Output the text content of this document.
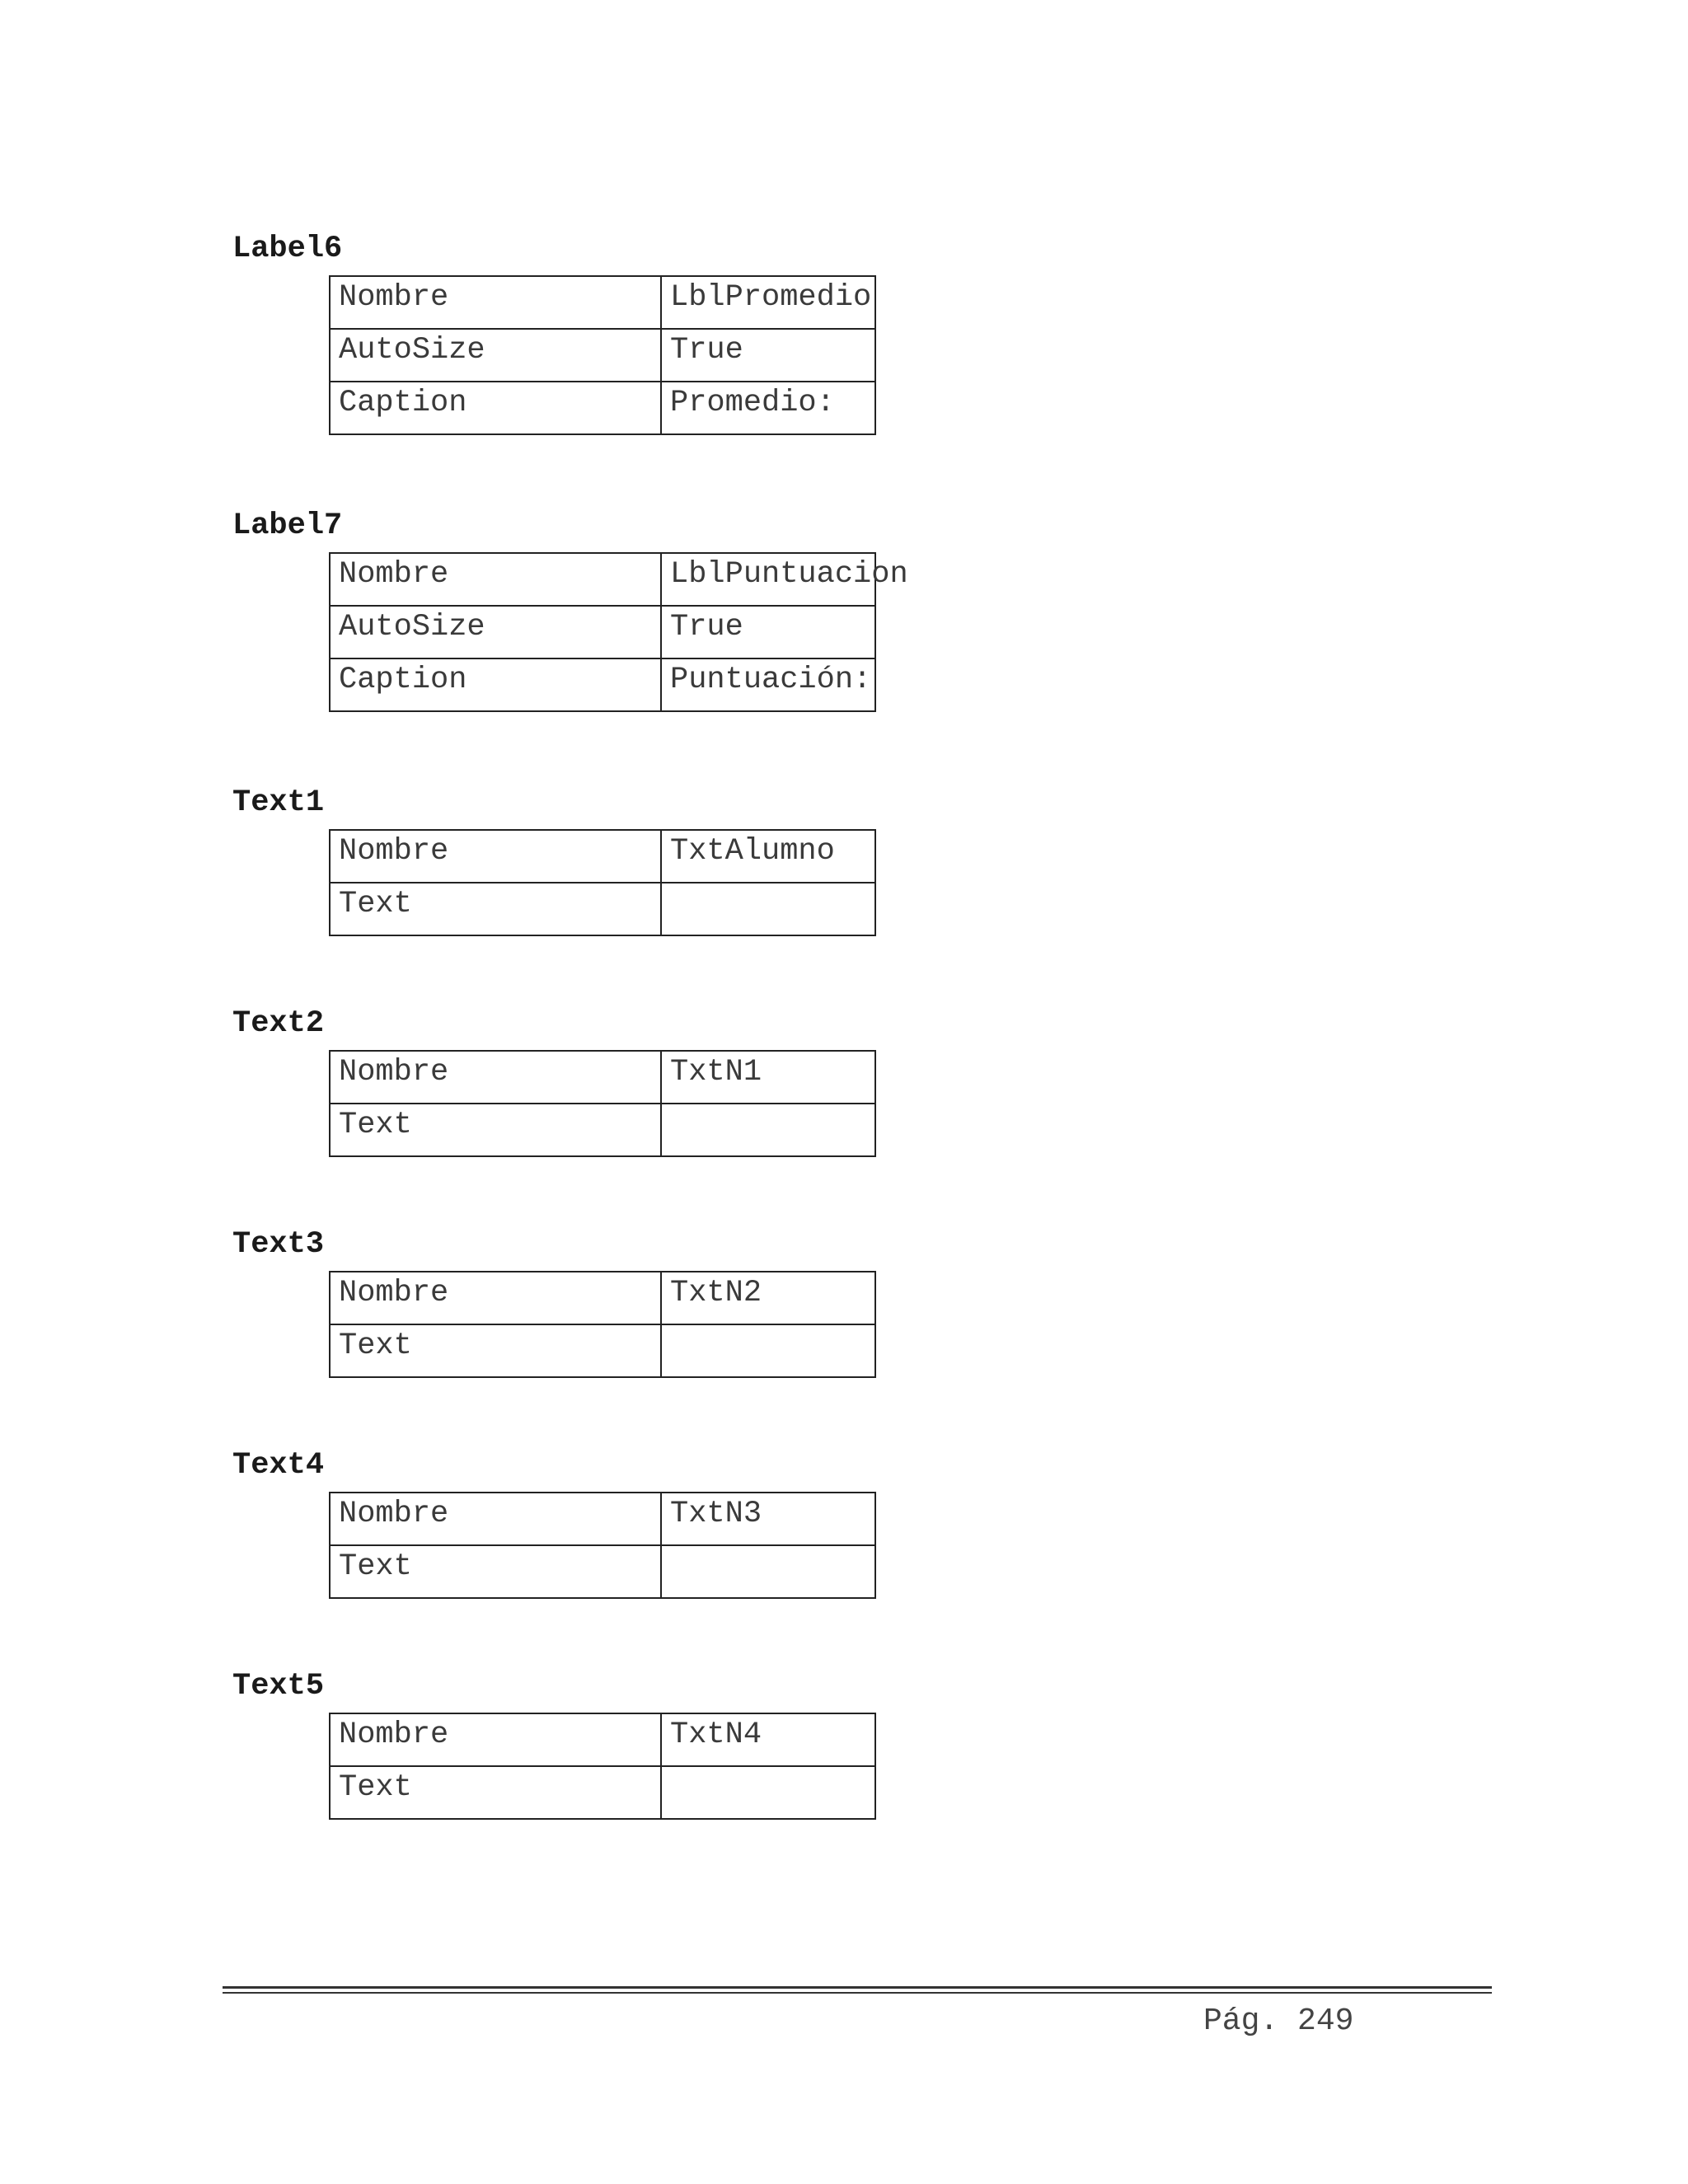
Label6
Nombre	LblPromedio
AutoSize	True
Caption	Promedio:
Label7
Nombre	LblPuntuacion
AutoSize	True
Caption	Puntuación:
Text1
Nombre	TxtAlumno
Text	
Text2
Nombre	TxtN1
Text	
Text3
Nombre	TxtN2
Text	
Text4
Nombre	TxtN3
Text	
Text5
Nombre	TxtN4
Text	
Pág. 249
